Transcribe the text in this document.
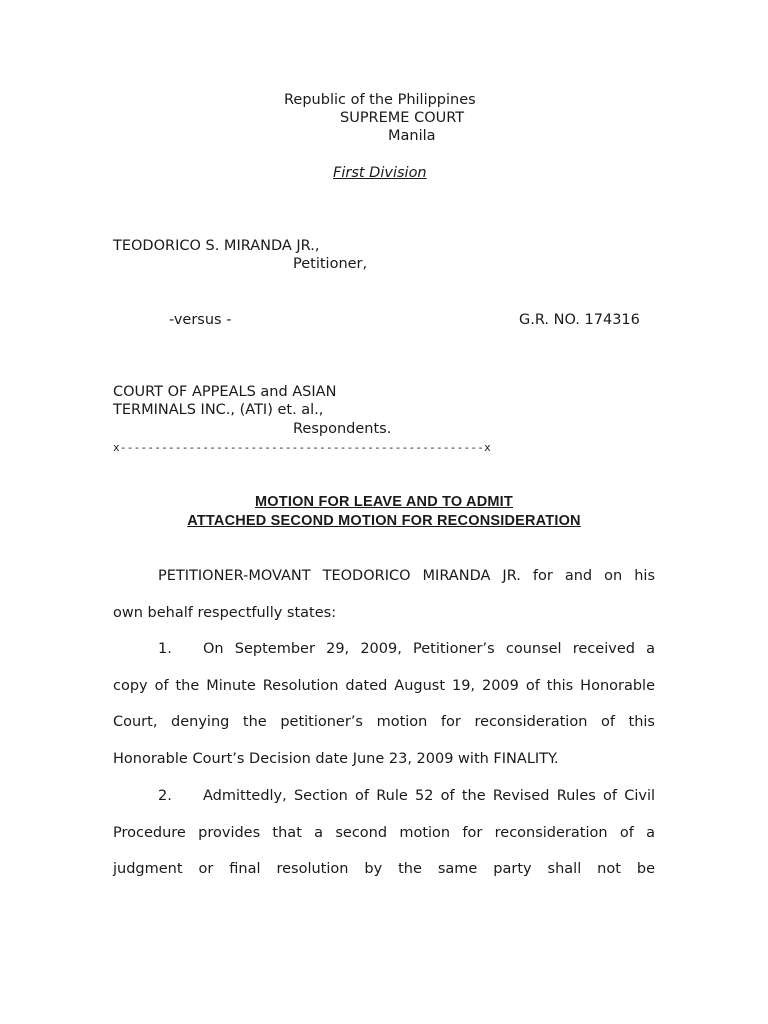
Republic of the Philippines
SUPREME COURT
Manila
First Division
TEODORICO S. MIRANDA JR.,
Petitioner,
-versus -	G.R. NO. 174316
COURT OF APPEALS and ASIAN
TERMINALS INC., (ATI) et. al.,
Respondents.
x-----------------------------------------------------x
MOTION FOR LEAVE AND TO ADMIT
ATTACHED SECOND MOTION FOR RECONSIDERATION
PETITIONER-MOVANT TEODORICO MIRANDA JR. for and on his
own behalf respectfully states:
1. On September 29, 2009, Petitioner’s counsel received a
copy of the Minute Resolution dated August 19, 2009 of this Honorable
Court, denying the petitioner’s motion for reconsideration of this
Honorable Court’s Decision date June 23, 2009 with FINALITY.
2. Admittedly, Section of Rule 52 of the Revised Rules of Civil
Procedure provides that a second motion for reconsideration of a
judgment or final resolution by the same party shall not be
